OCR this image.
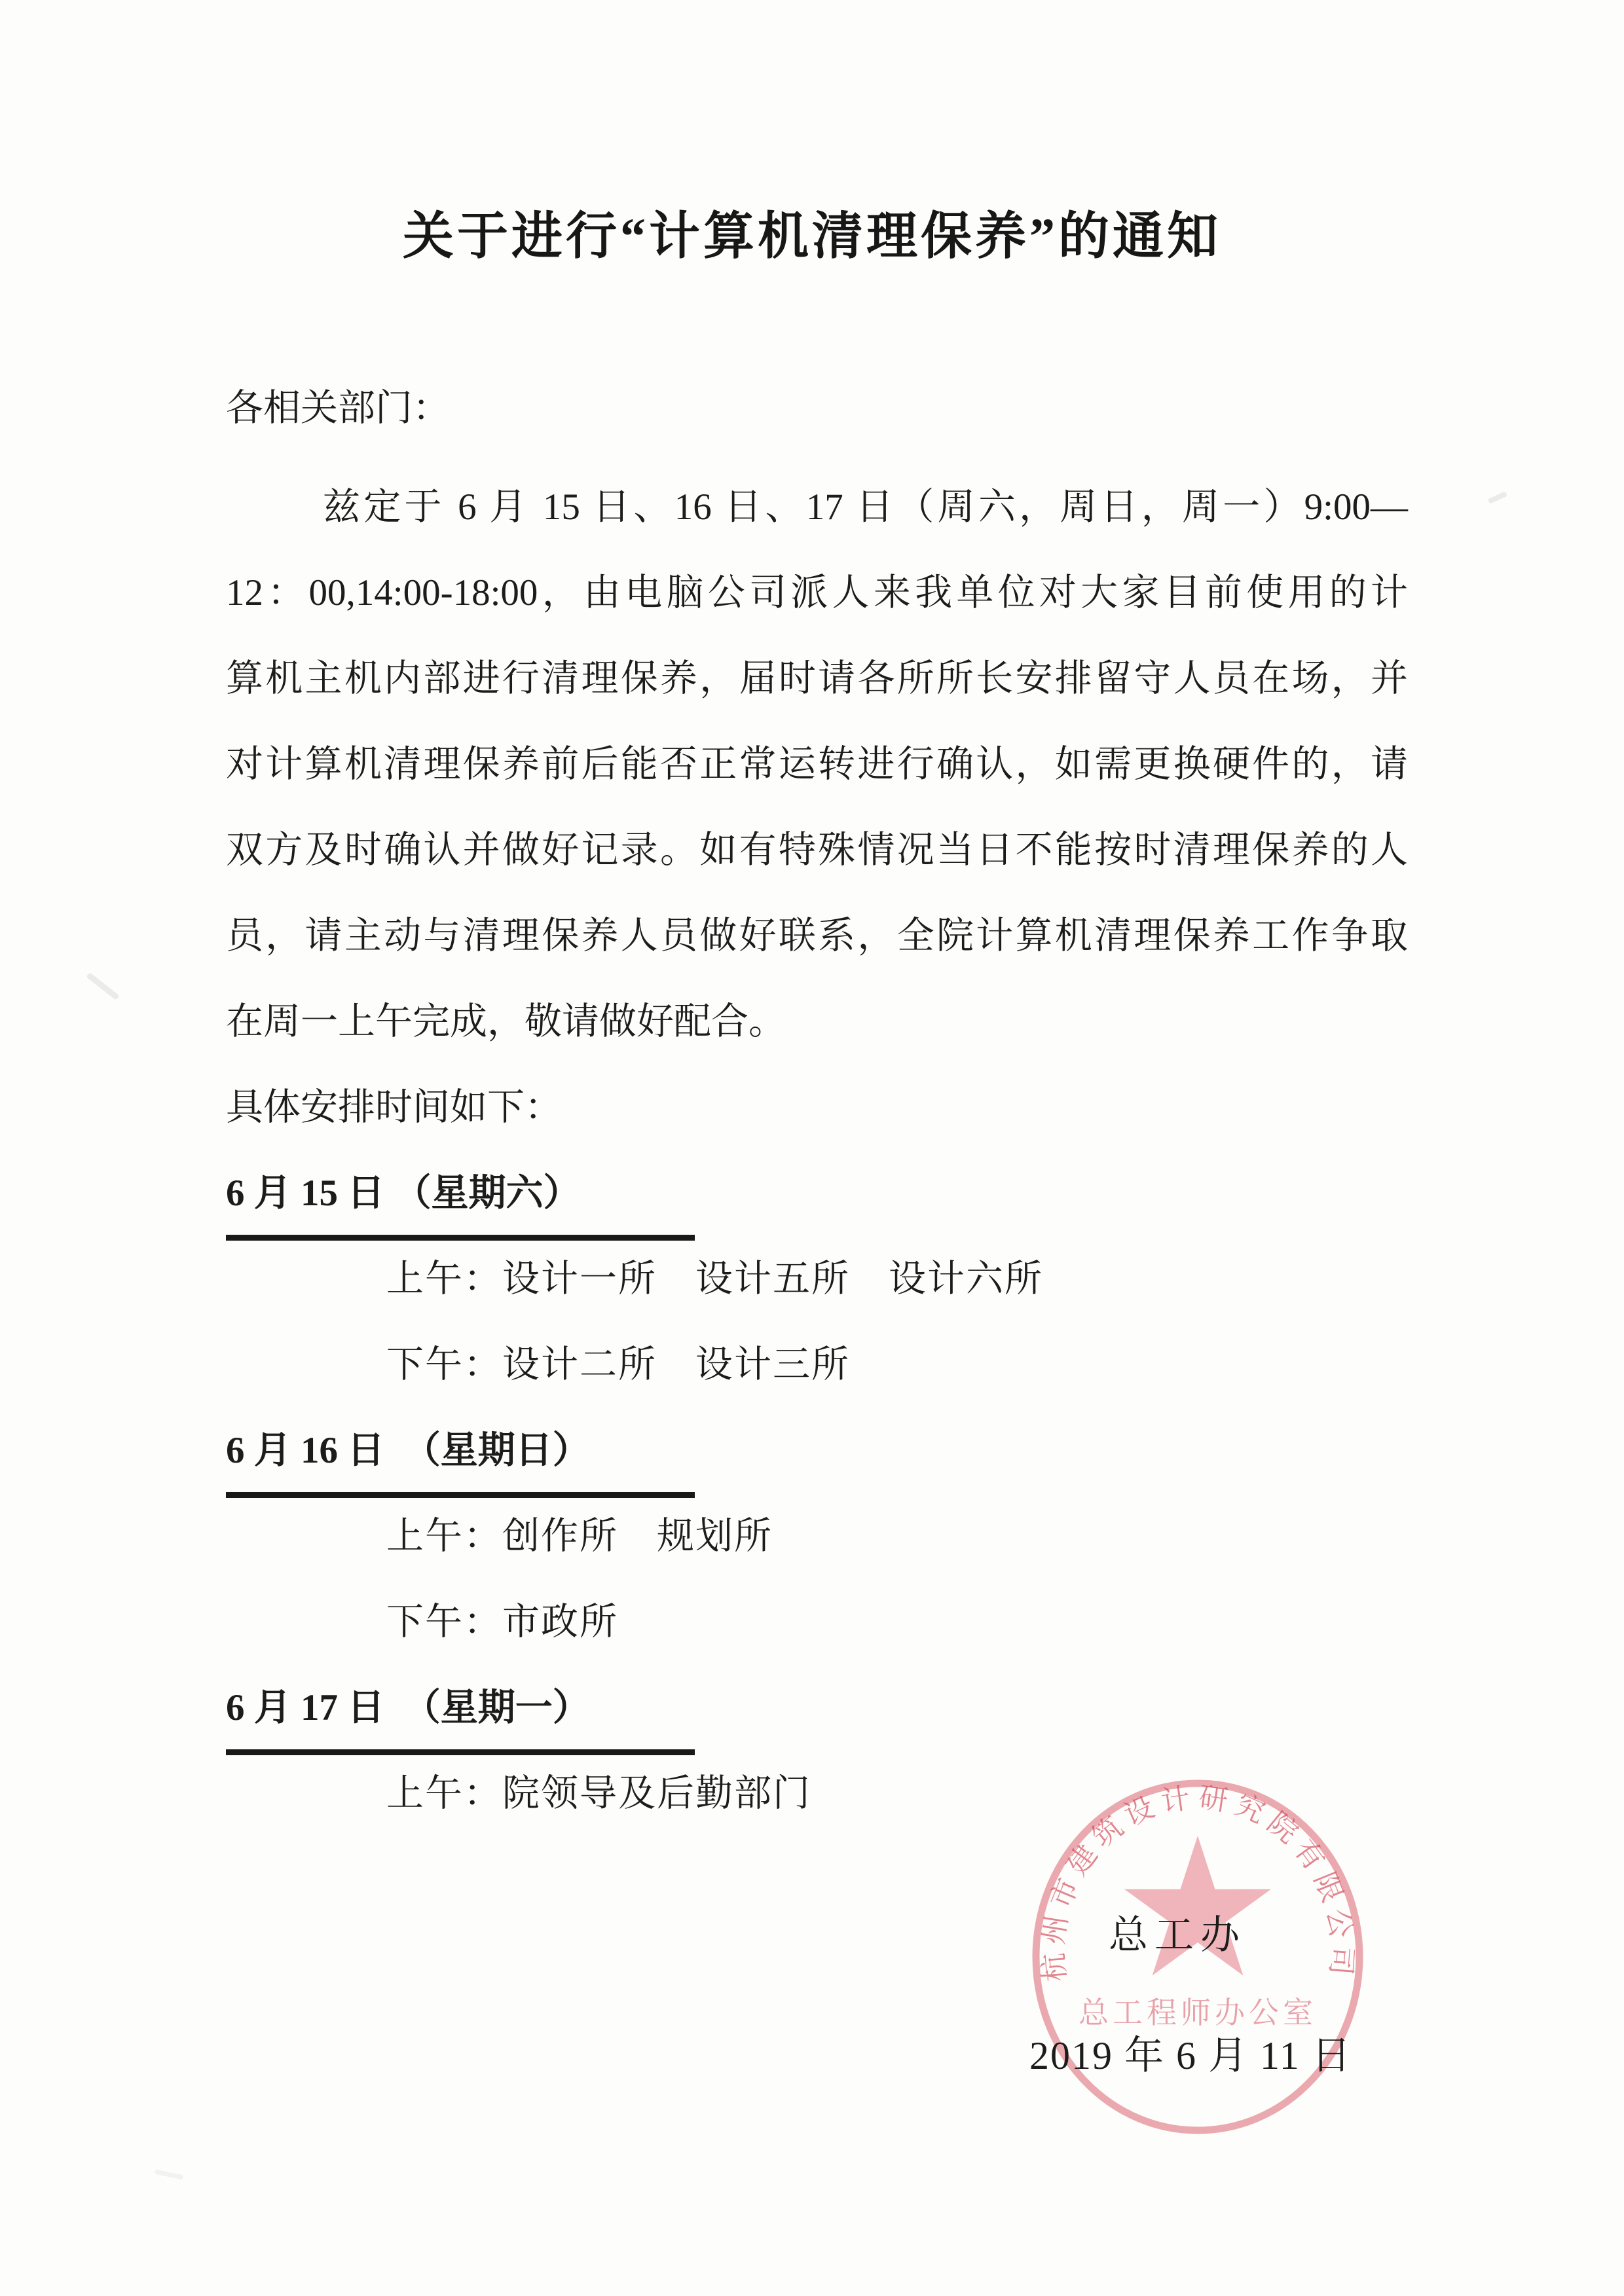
关于进行“计算机清理保养”的通知
各相关部门：
兹定于 6 月 15 日、16 日、17 日（周六，周日，周一）9:00—
12：00,14:00-18:00，由电脑公司派人来我单位对大家目前使用的计
算机主机内部进行清理保养，届时请各所所长安排留守人员在场，并
对计算机清理保养前后能否正常运转进行确认，如需更换硬件的，请
双方及时确认并做好记录。如有特殊情况当日不能按时清理保养的人
员，请主动与清理保养人员做好联系，全院计算机清理保养工作争取
在周一上午完成，敬请做好配合。
具体安排时间如下：
6 月 15 日 （星期六）
上午：设计一所　设计五所　设计六所
下午：设计二所　设计三所
6 月 16 日　（星期日）
上午：创作所　规划所
下午：市政所
6 月 17 日　（星期一）
上午：院领导及后勤部门
杭州市建筑设计研究院有限公司
总工程师办公室
总工办
2019 年 6 月 11 日
